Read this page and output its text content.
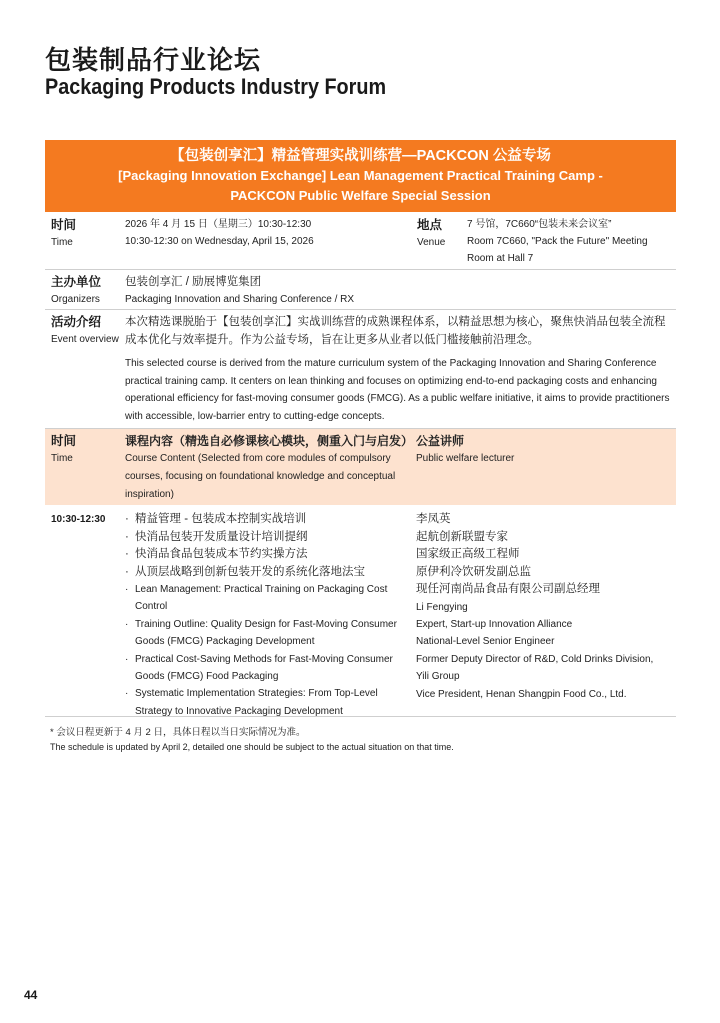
包装制品行业论坛
Packaging Products Industry Forum
【包装创享汇】精益管理实战训练营—PACKCON 公益专场
[Packaging Innovation Exchange] Lean Management Practical Training Camp -
PACKCON Public Welfare Special Session
时间
Time
2026 年 4 月 15 日（星期三）10:30-12:30
10:30-12:30 on Wednesday, April 15, 2026
地点
Venue
7 号馆，7C660“包装未来会议室”
Room 7C660, "Pack the Future" Meeting Room at Hall 7
主办单位
Organizers
包装创享汇 / 励展博览集团
Packaging Innovation and Sharing Conference / RX
活动介绍
Event overview
本次精选课脱胎于【包装创享汇】实战训练营的成熟课程体系，以精益思想为核心，聚焦快消品包装全流程成本优化与效率提升。作为公益专场，旨在让更多从业者以低门槛接触前沿理念。
This selected course is derived from the mature curriculum system of the Packaging Innovation and Sharing Conference practical training camp. It centers on lean thinking and focuses on optimizing end-to-end packaging costs and enhancing operational efficiency for fast-moving consumer goods (FMCG). As a public welfare initiative, it aims to provide practitioners with accessible, low-barrier entry to cutting-edge concepts.
时间
Time
课程内容（精选自必修课核心模块，侧重入门与启发）
Course Content (Selected from core modules of compulsory courses, focusing on foundational knowledge and conceptual inspiration)
公益讲师
Public welfare lecturer
10:30-12:30
·	精益管理 - 包装成本控制实战培训
· 快消品包装开发质量设计培训提纲
· 快消品食品包装成本节约实操方法
· 从顶层战略到创新包装开发的系统化落地法宝
· Lean Management: Practical Training on Packaging Cost Control
· Training Outline: Quality Design for Fast-Moving Consumer Goods (FMCG) Packaging Development
· Practical Cost-Saving Methods for Fast-Moving Consumer Goods (FMCG) Food Packaging
· Systematic Implementation Strategies: From Top-Level Strategy to Innovative Packaging Development
李凤英
起航创新联盟专家
国家级正高级工程师
原伊利冷饮研发副总监
现任河南尚品食品有限公司副总经理
Li Fengying
Expert, Start-up Innovation Alliance
National-Level Senior Engineer
Former Deputy Director of R&D, Cold Drinks Division, Yili Group
Vice President, Henan Shangpin Food Co., Ltd.
* 会议日程更新于 4 月 2 日，具体日程以当日实际情况为准。
The schedule is updated by April 2, detailed one should be subject to the actual situation on that time.
44
